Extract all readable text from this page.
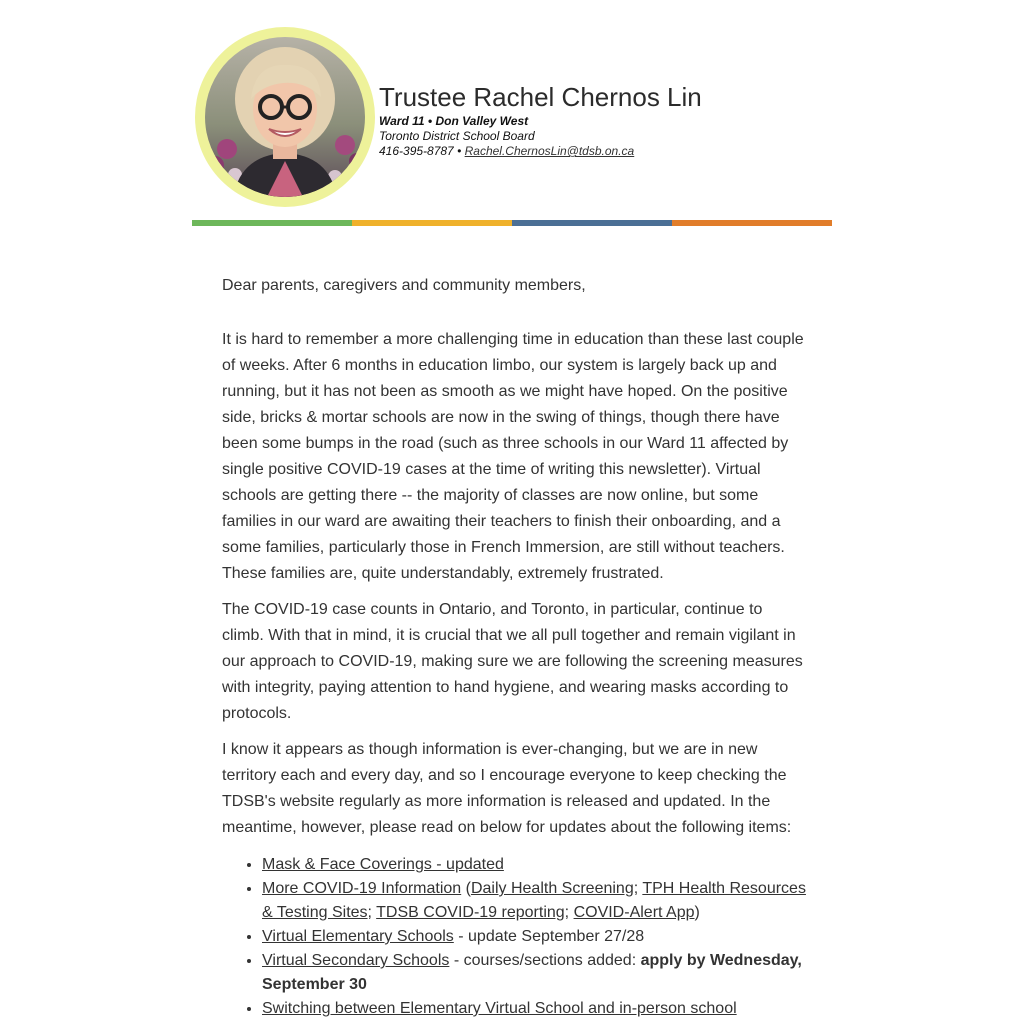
Trustee Rachel Chernos Lin
Ward 11 • Don Valley West
Toronto District School Board
416-395-8787 • Rachel.ChernosLin@tdsb.on.ca

Dear parents, caregivers and community members,

It is hard to remember a more challenging time in education than these last couple of weeks. After 6 months in education limbo, our system is largely back up and running, but it has not been as smooth as we might have hoped. On the positive side, bricks & mortar schools are now in the swing of things, though there have been some bumps in the road (such as three schools in our Ward 11 affected by single positive COVID-19 cases at the time of writing this newsletter). Virtual schools are getting there -- the majority of classes are now online, but some families in our ward are awaiting their teachers to finish their onboarding, and a some families, particularly those in French Immersion, are still without teachers. These families are, quite understandably, extremely frustrated.

The COVID-19 case counts in Ontario, and Toronto, in particular, continue to climb. With that in mind, it is crucial that we all pull together and remain vigilant in our approach to COVID-19, making sure we are following the screening measures with integrity, paying attention to hand hygiene, and wearing masks according to protocols.

I know it appears as though information is ever-changing, but we are in new territory each and every day, and so I encourage everyone to keep checking the TDSB's website regularly as more information is released and updated. In the meantime, however, please read on below for updates about the following items:

• Mask & Face Coverings - updated
• More COVID-19 Information (Daily Health Screening; TPH Health Resources & Testing Sites; TDSB COVID-19 reporting; COVID-Alert App)
• Virtual Elementary Schools - update September 27/28
• Virtual Secondary Schools - courses/sections added: apply by Wednesday, September 30
• Switching between Elementary Virtual School and in-person school
